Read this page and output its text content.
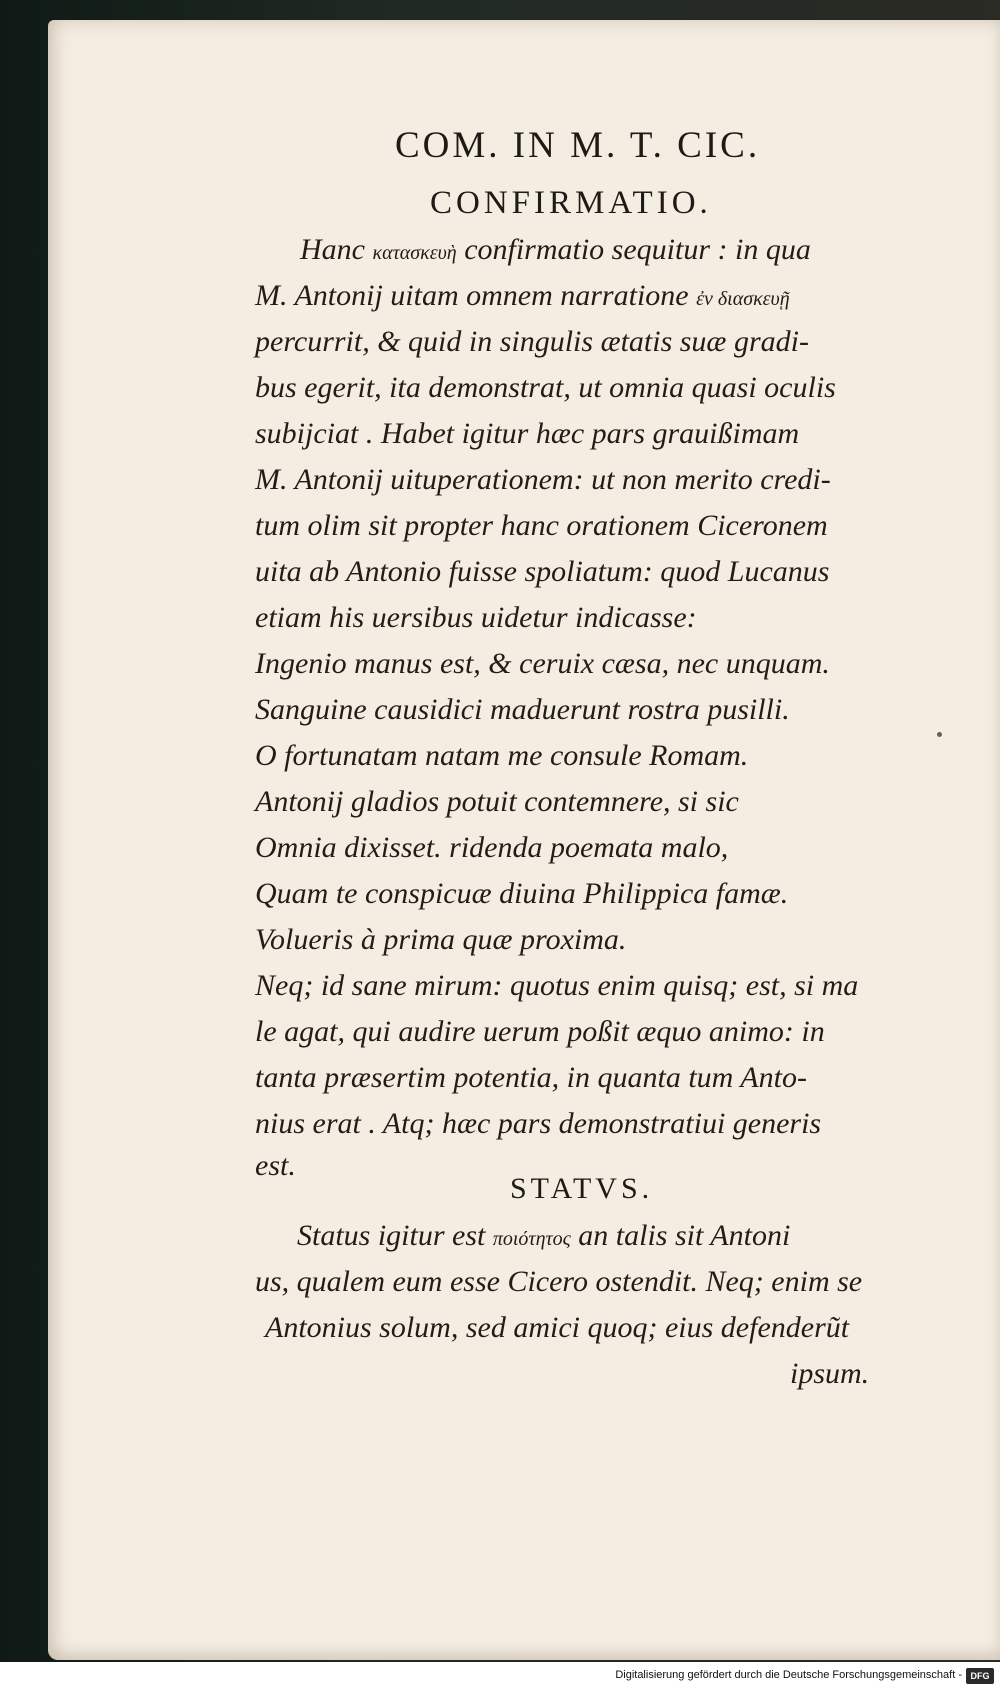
COM. IN M. T. CIC.
CONFIRMATIO.
Hanc κατασκευὴ confirmatio sequitur : in qua
M. Antonij uitam omnem narratione ἐν διασκευῇ
percurrit, & quid in singulis ætatis suæ gradi-
bus egerit, ita demonstrat, ut omnia quasi oculis
subijciat . Habet igitur hæc pars grauißimam
M. Antonij uituperationem: ut non merito credi-
tum olim sit propter hanc orationem Ciceronem
uita ab Antonio fuisse spoliatum: quod Lucanus
etiam his uersibus uidetur indicasse:
Ingenio manus est, & ceruix cæsa, nec unquam.
Sanguine causidici maduerunt rostra pusilli.
O fortunatam natam me consule Romam.
Antonij gladios potuit contemnere, si sic
Omnia dixisset. ridenda poemata malo,
Quam te conspicuæ diuina Philippica famæ.
Volueris à prima quæ proxima.
Neq; id sane mirum: quotus enim quisq; est, si ma
le agat, qui audire uerum poßit æquo animo: in
tanta præsertim potentia, in quanta tum Anto-
nius erat . Atq; hæc pars demonstratiui generis
est.
STATVS.
Status igitur est ποιότητος an talis sit Antoni
us, qualem eum esse Cicero ostendit. Neq; enim se
Antonius solum, sed amici quoq; eius defenderũt
ipsum.
Digitalisierung gefördert durch die Deutsche Forschungsgemeinschaft - DFG
